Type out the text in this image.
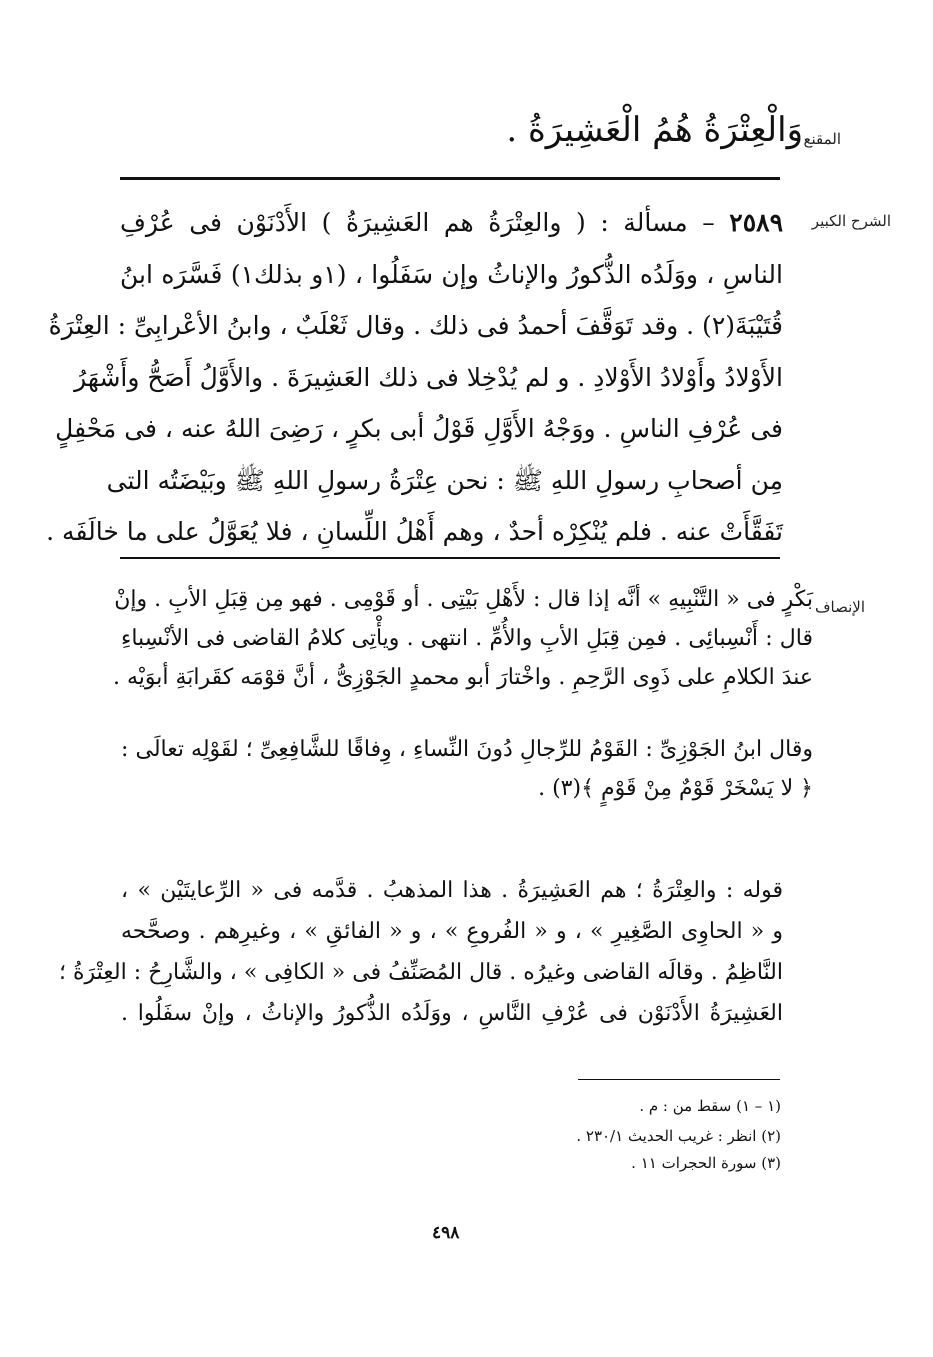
المقنع
وَالْعِتْرَةُ هُمُ الْعَشِيرَةُ .
الشرح الكبير
٢٥٨٩ – مسألة : ( والعِتْرَةُ هم العَشِيرَةُ ) الأَدْنَوْن فى عُرْفِ
الناسِ ، ووَلَدُه الذُّكورُ والإناثُ وإن سَفَلُوا ، (١و بذلك١) فَسَّرَه ابنُ
قُتَيْبَةَ(٢) . وقد تَوَقَّفَ أحمدُ فى ذلك . وقال ثَعْلَبٌ ، وابنُ الأعْرابِىِّ : العِتْرَةُ
الأَوْلادُ وأَوْلادُ الأَوْلادِ . و لم يُدْخِلا فى ذلك العَشِيرَةَ . والأَوَّلُ أَصَحُّ وأَشْهَرُ
فى عُرْفِ الناسِ . ووَجْهُ الأَوَّلِ قَوْلُ أبى بكرٍ ، رَضِىَ اللهُ عنه ، فى مَحْفِلٍ
مِن أصحابِ رسولِ اللهِ ﷺ : نحن عِتْرَةُ رسولِ اللهِ ﷺ وبَيْضَتُه التى
تَفَقَّأَتْ عنه . فلم يُنْكِرْه أحدٌ ، وهم أَهْلُ اللِّسانِ ، فلا يُعَوَّلُ على ما خالَفَه .
الإنصاف
بَكْرٍ فى « التَّنْبِيهِ » أنَّه إذا قال : لأَهْلِ بَيْتِى . أو قَوْمِى . فهو مِن قِبَلِ الأبِ . وإنْ
قال : أَنْسِبائِى . فمِن قِبَلِ الأبِ والأُمِّ . انتهى . ويأْتِى كلامُ القاضى فى الأنْسِباءِ
عندَ الكلامِ على ذَوِى الرَّحِمِ . واخْتارَ أبو محمدٍ الجَوْزِىُّ ، أنَّ قوْمَه كقَرابَةِ أبوَيْه .
وقال ابنُ الجَوْزِىِّ : القَوْمُ للرِّجالِ دُونَ النِّساءِ ، وِفاقًا للشَّافِعِىِّ ؛ لقَوْلِه تعالَى :
﴿ لا يَسْخَرْ قَوْمٌ مِنْ قَوْمٍ ﴾(٣) .
قوله : والعِتْرَةُ ؛ هم العَشِيرَةُ . هذا المذهبُ . قدَّمه فى « الرِّعايتَيْن » ،
و « الحاوِى الصَّغِيرِ » ، و « الفُروعِ » ، و « الفائقِ » ، وغيرِهم . وصحَّحه
النَّاظِمُ . وقالَه القاضى وغيرُه . قال المُصَنِّفُ فى « الكافِى » ، والشَّارِحُ : العِتْرَةُ ؛
العَشِيرَةُ الأَدْنَوْن فى عُرْفِ النَّاسِ ، ووَلَدُه الذُّكورُ والإناثُ ، وإنْ سفَلُوا .
(١ – ١) سقط من : م .
(٢) انظر : غريب الحديث ٢٣٠/١ .
(٣) سورة الحجرات ١١ .
٤٩٨
